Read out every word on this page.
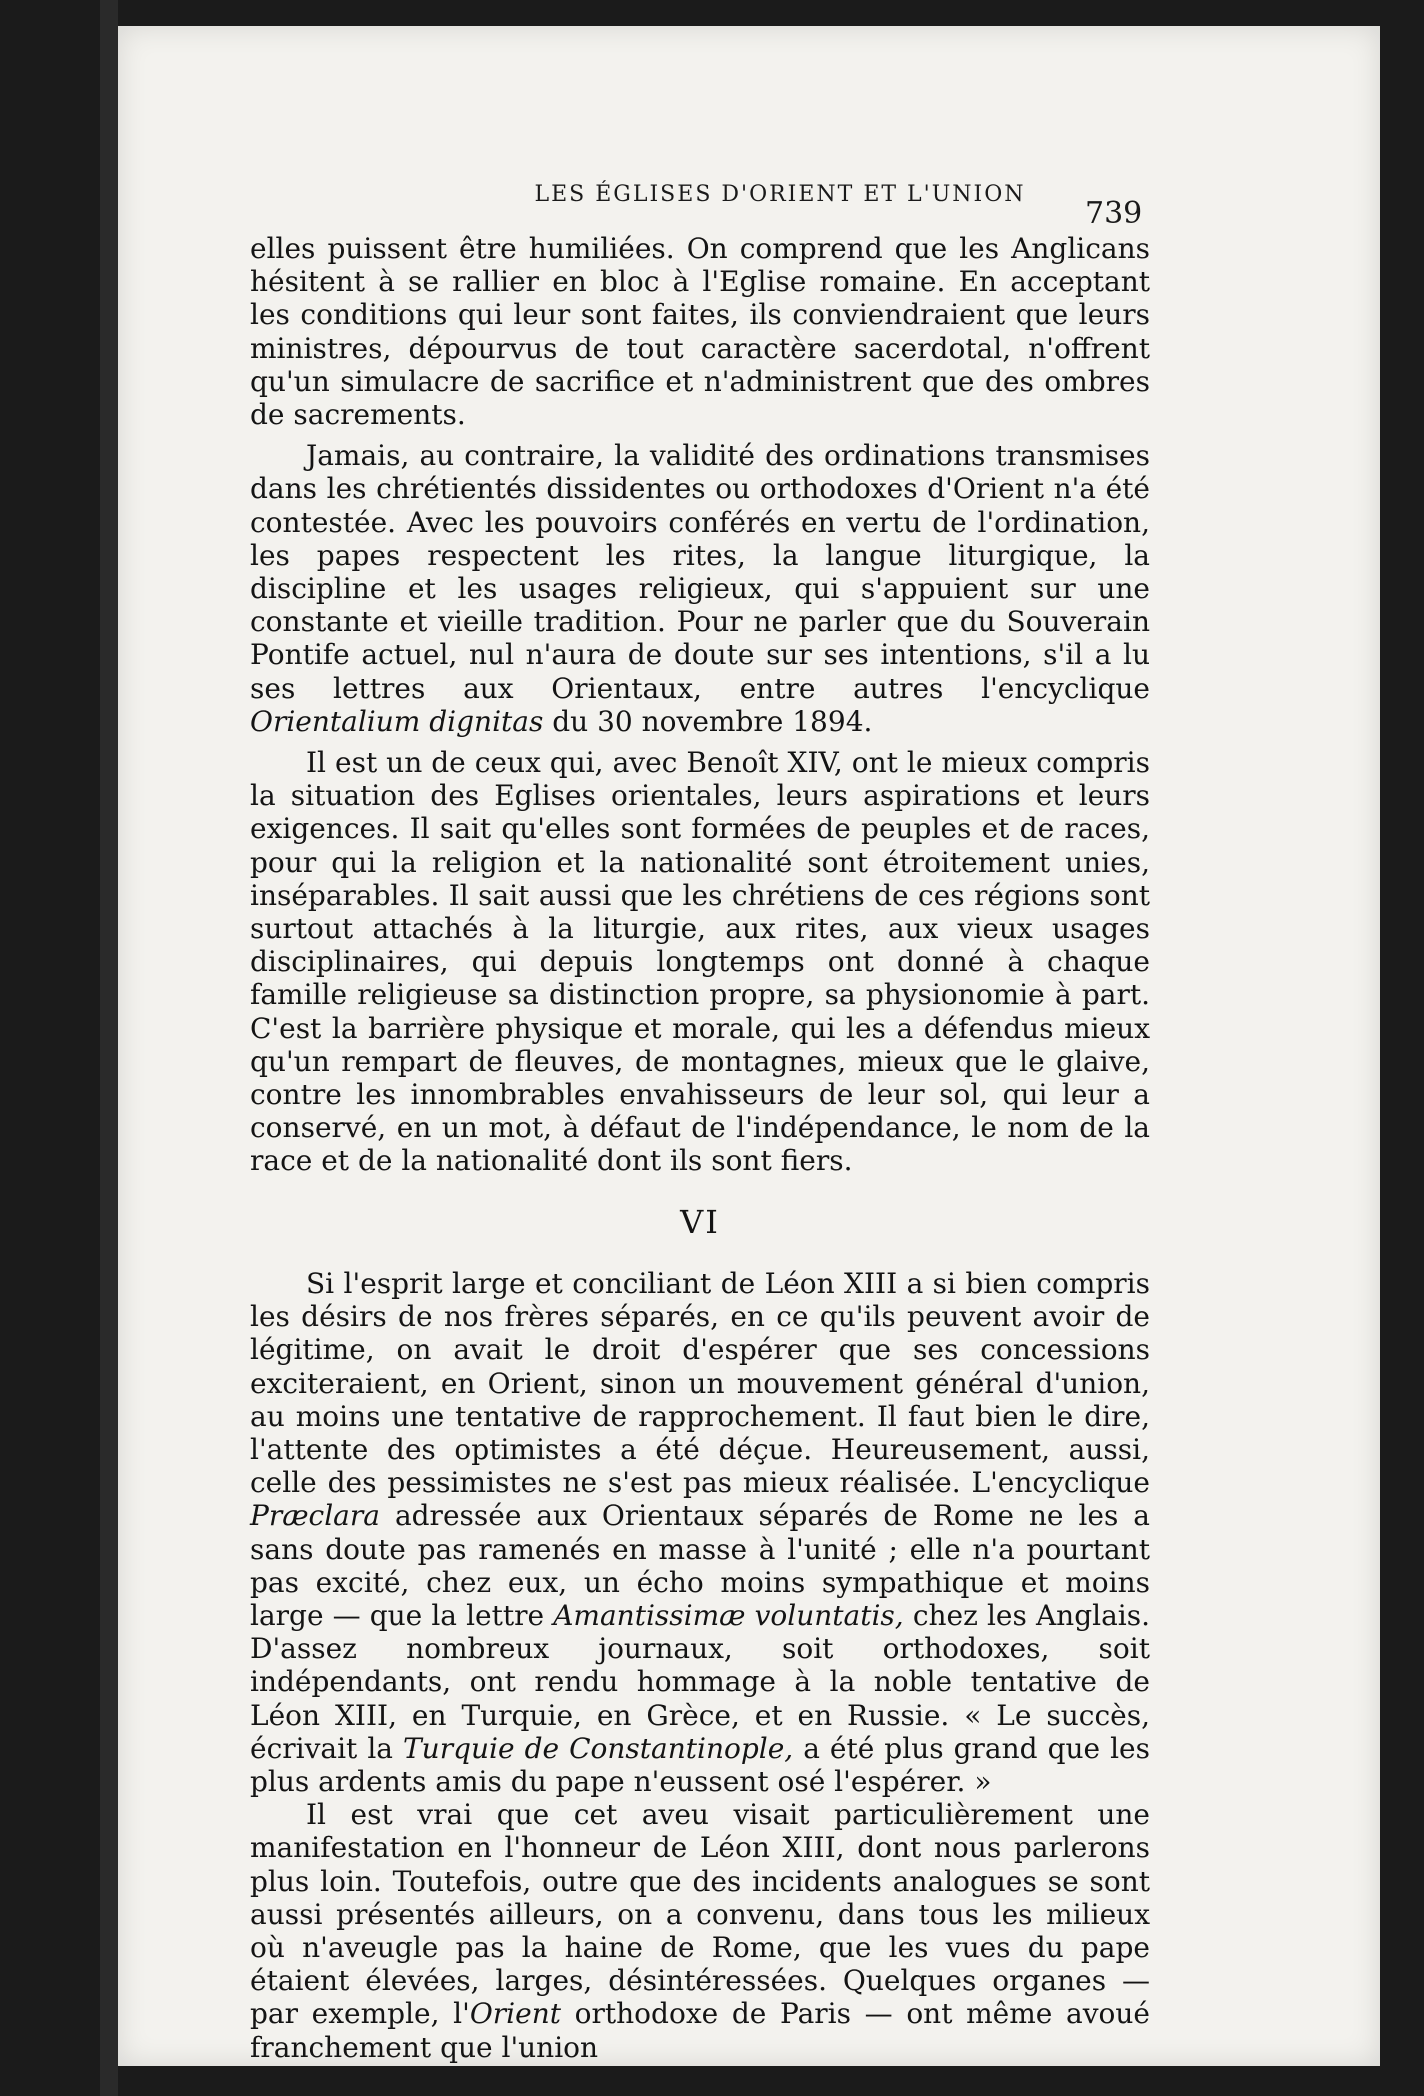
LES ÉGLISES D'ORIENT ET L'UNION
739

elles puissent être humiliées. On comprend que les Anglicans hésitent à se rallier en bloc à l'Eglise romaine. En acceptant les conditions qui leur sont faites, ils conviendraient que leurs ministres, dépourvus de tout caractère sacerdotal, n'offrent qu'un simulacre de sacrifice et n'administrent que des ombres de sacrements.

Jamais, au contraire, la validité des ordinations transmises dans les chrétientés dissidentes ou orthodoxes d'Orient n'a été contestée. Avec les pouvoirs conférés en vertu de l'ordination, les papes respectent les rites, la langue liturgique, la discipline et les usages religieux, qui s'appuient sur une constante et vieille tradition. Pour ne parler que du Souverain Pontife actuel, nul n'aura de doute sur ses intentions, s'il a lu ses lettres aux Orientaux, entre autres l'encyclique Orientalium dignitas du 30 novembre 1894.

Il est un de ceux qui, avec Benoît XIV, ont le mieux compris la situation des Eglises orientales, leurs aspirations et leurs exigences. Il sait qu'elles sont formées de peuples et de races, pour qui la religion et la nationalité sont étroitement unies, inséparables. Il sait aussi que les chrétiens de ces régions sont surtout attachés à la liturgie, aux rites, aux vieux usages disciplinaires, qui depuis longtemps ont donné à chaque famille religieuse sa distinction propre, sa physionomie à part. C'est la barrière physique et morale, qui les a défendus mieux qu'un rempart de fleuves, de montagnes, mieux que le glaive, contre les innombrables envahisseurs de leur sol, qui leur a conservé, en un mot, à défaut de l'indépendance, le nom de la race et de la nationalité dont ils sont fiers.

VI

Si l'esprit large et conciliant de Léon XIII a si bien compris les désirs de nos frères séparés, en ce qu'ils peuvent avoir de légitime, on avait le droit d'espérer que ses concessions exciteraient, en Orient, sinon un mouvement général d'union, au moins une tentative de rapprochement. Il faut bien le dire, l'attente des optimistes a été déçue. Heureusement, aussi, celle des pessimistes ne s'est pas mieux réalisée. L'encyclique Præclara adressée aux Orientaux séparés de Rome ne les a sans doute pas ramenés en masse à l'unité ; elle n'a pourtant pas excité, chez eux, un écho moins sympathique et moins large — que la lettre Amantissimæ voluntatis, chez les Anglais. D'assez nombreux journaux, soit orthodoxes, soit indépendants, ont rendu hommage à la noble tentative de Léon XIII, en Turquie, en Grèce, et en Russie. « Le succès, écrivait la Turquie de Constantinople, a été plus grand que les plus ardents amis du pape n'eussent osé l'espérer. »

Il est vrai que cet aveu visait particulièrement une manifestation en l'honneur de Léon XIII, dont nous parlerons plus loin. Toutefois, outre que des incidents analogues se sont aussi présentés ailleurs, on a convenu, dans tous les milieux où n'aveugle pas la haine de Rome, que les vues du pape étaient élevées, larges, désintéressées. Quelques organes — par exemple, l'Orient orthodoxe de Paris — ont même avoué franchement que l'union
